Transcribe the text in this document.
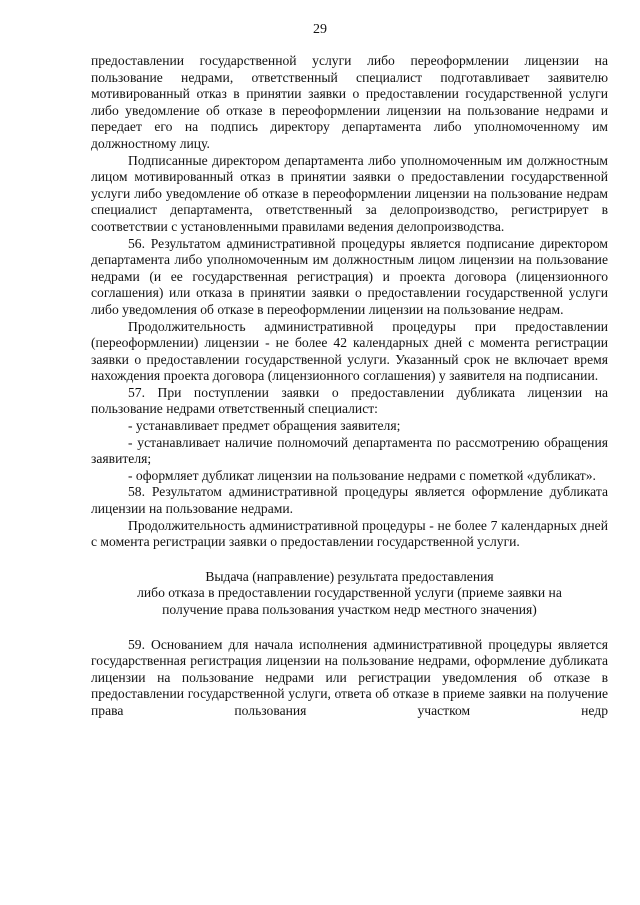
29

предоставлении государственной услуги либо переоформлении лицензии на пользование недрами, ответственный специалист подготавливает заявителю мотивированный отказ в принятии заявки о предоставлении государственной услуги либо уведомление об отказе в переоформлении лицензии на пользование недрами и передает его на подпись директору департамента либо уполномоченному им должностному лицу.

Подписанные директором департамента либо уполномоченным им должностным лицом мотивированный отказ в принятии заявки о предоставлении государственной услуги либо уведомление об отказе в переоформлении лицензии на пользование недрам специалист департамента, ответственный за делопроизводство, регистрирует в соответствии с установленными правилами ведения делопроизводства.

56. Результатом административной процедуры является подписание директором департамента либо уполномоченным им должностным лицом лицензии на пользование недрами (и ее государственная регистрация) и проекта договора (лицензионного соглашения) или отказа в принятии заявки о предоставлении государственной услуги либо уведомления об отказе в переоформлении лицензии на пользование недрам.

Продолжительность административной процедуры при предоставлении (переоформлении) лицензии - не более 42 календарных дней с момента регистрации заявки о предоставлении государственной услуги. Указанный срок не включает время нахождения проекта договора (лицензионного соглашения) у заявителя на подписании.

57. При поступлении заявки о предоставлении дубликата лицензии на пользование недрами ответственный специалист:

- устанавливает предмет обращения заявителя;

- устанавливает наличие полномочий департамента по рассмотрению обращения заявителя;

- оформляет дубликат лицензии на пользование недрами с пометкой «дубликат».

58. Результатом административной процедуры является оформление дубликата лицензии на пользование недрами.

Продолжительность административной процедуры - не более 7 календарных дней с момента регистрации заявки о предоставлении государственной услуги.

Выдача (направление) результата предоставления
либо отказа в предоставлении государственной услуги (приеме заявки на
получение права пользования участком недр местного значения)

59. Основанием для начала исполнения административной процедуры является государственная регистрация лицензии на пользование недрами, оформление дубликата лицензии на пользование недрами или регистрации уведомления об отказе в предоставлении государственной услуги, ответа об отказе в приеме заявки на получение права пользования участком недр
